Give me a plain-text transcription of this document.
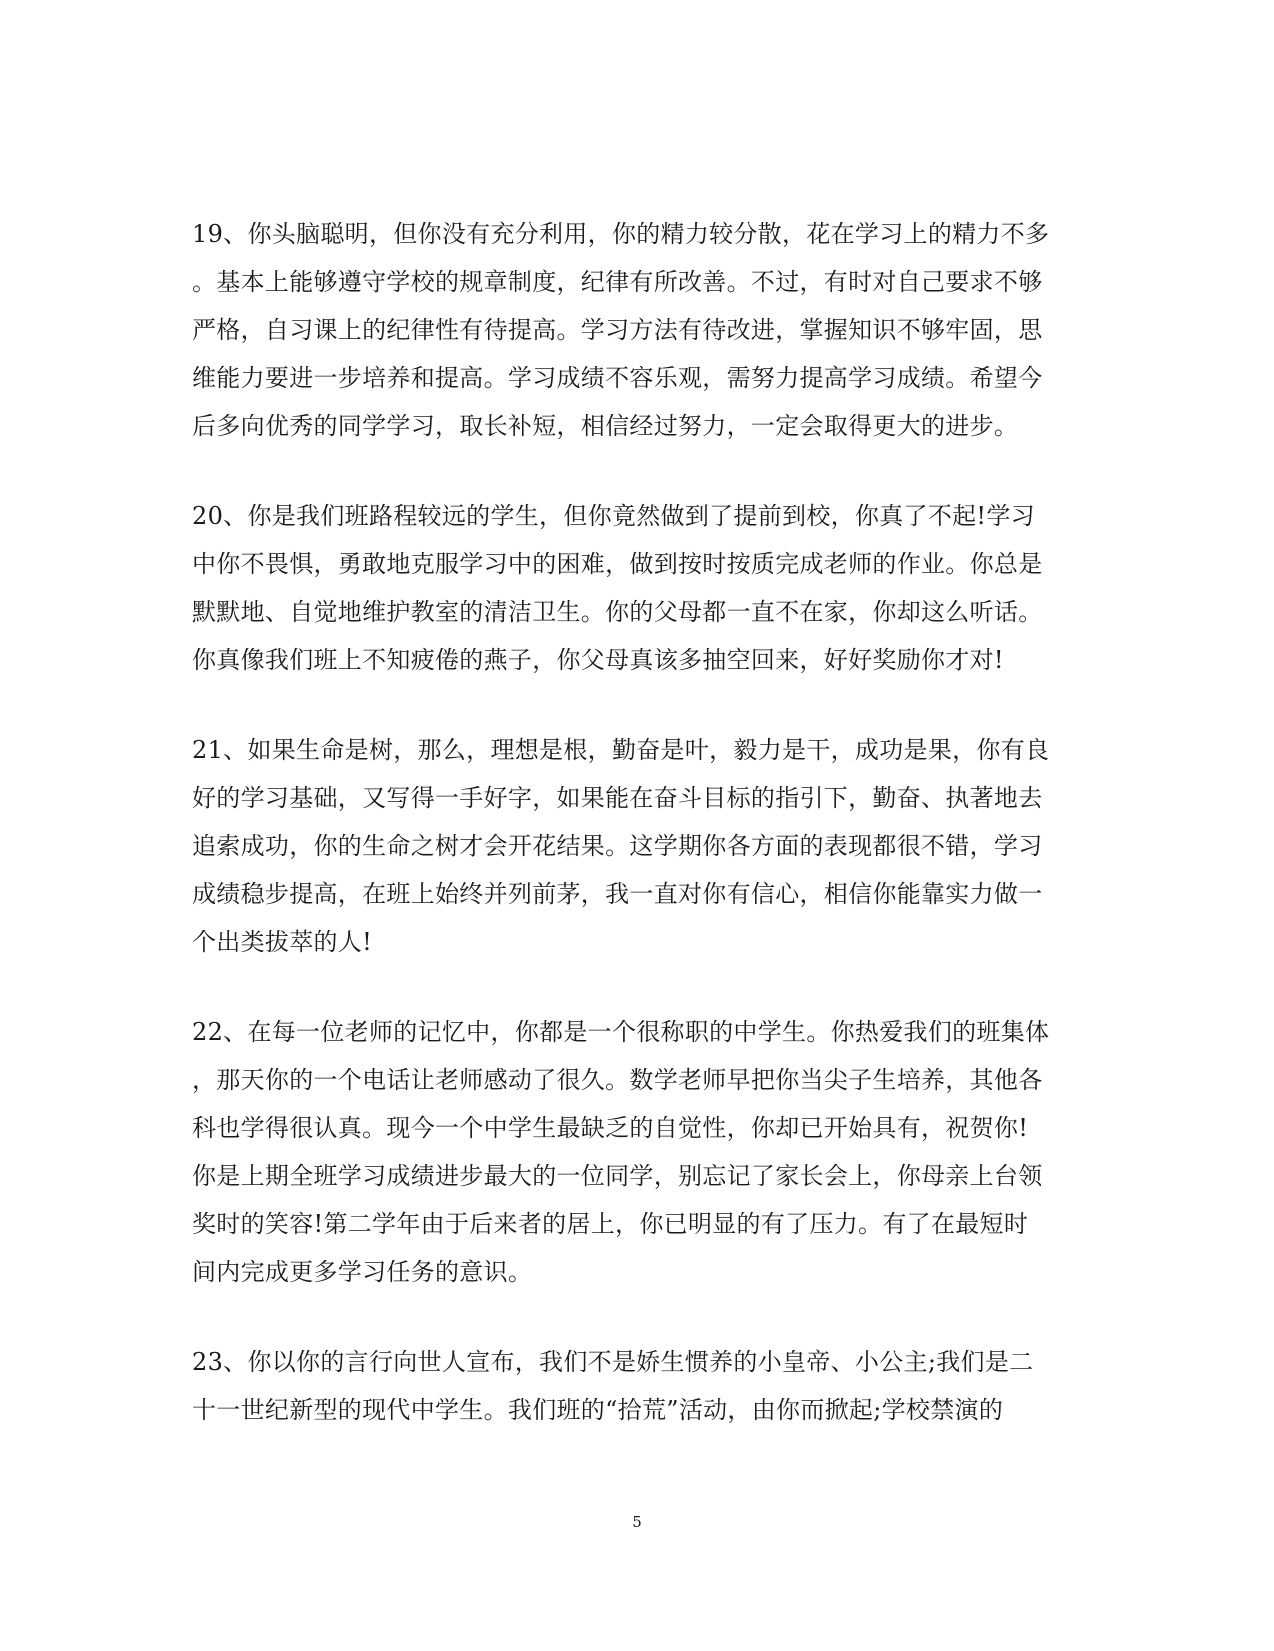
19、你头脑聪明，但你没有充分利用，你的精力较分散，花在学习上的精力不多
。基本上能够遵守学校的规章制度，纪律有所改善。不过，有时对自己要求不够
严格，自习课上的纪律性有待提高。学习方法有待改进，掌握知识不够牢固，思
维能力要进一步培养和提高。学习成绩不容乐观，需努力提高学习成绩。希望今
后多向优秀的同学学习，取长补短，相信经过努力，一定会取得更大的进步。
20、你是我们班路程较远的学生，但你竟然做到了提前到校，你真了不起!学习
中你不畏惧，勇敢地克服学习中的困难，做到按时按质完成老师的作业。你总是
默默地、自觉地维护教室的清洁卫生。你的父母都一直不在家，你却这么听话。
你真像我们班上不知疲倦的燕子，你父母真该多抽空回来，好好奖励你才对!
21、如果生命是树，那么，理想是根，勤奋是叶，毅力是干，成功是果，你有良
好的学习基础，又写得一手好字，如果能在奋斗目标的指引下，勤奋、执著地去
追索成功，你的生命之树才会开花结果。这学期你各方面的表现都很不错，学习
成绩稳步提高，在班上始终并列前茅，我一直对你有信心，相信你能靠实力做一
个出类拔萃的人!
22、在每一位老师的记忆中，你都是一个很称职的中学生。你热爱我们的班集体
，那天你的一个电话让老师感动了很久。数学老师早把你当尖子生培养，其他各
科也学得很认真。现今一个中学生最缺乏的自觉性，你却已开始具有，祝贺你!
你是上期全班学习成绩进步最大的一位同学，别忘记了家长会上，你母亲上台领
奖时的笑容!第二学年由于后来者的居上，你已明显的有了压力。有了在最短时
间内完成更多学习任务的意识。
23、你以你的言行向世人宣布，我们不是娇生惯养的小皇帝、小公主;我们是二
十一世纪新型的现代中学生。我们班的“拾荒”活动，由你而掀起;学校禁演的
5
